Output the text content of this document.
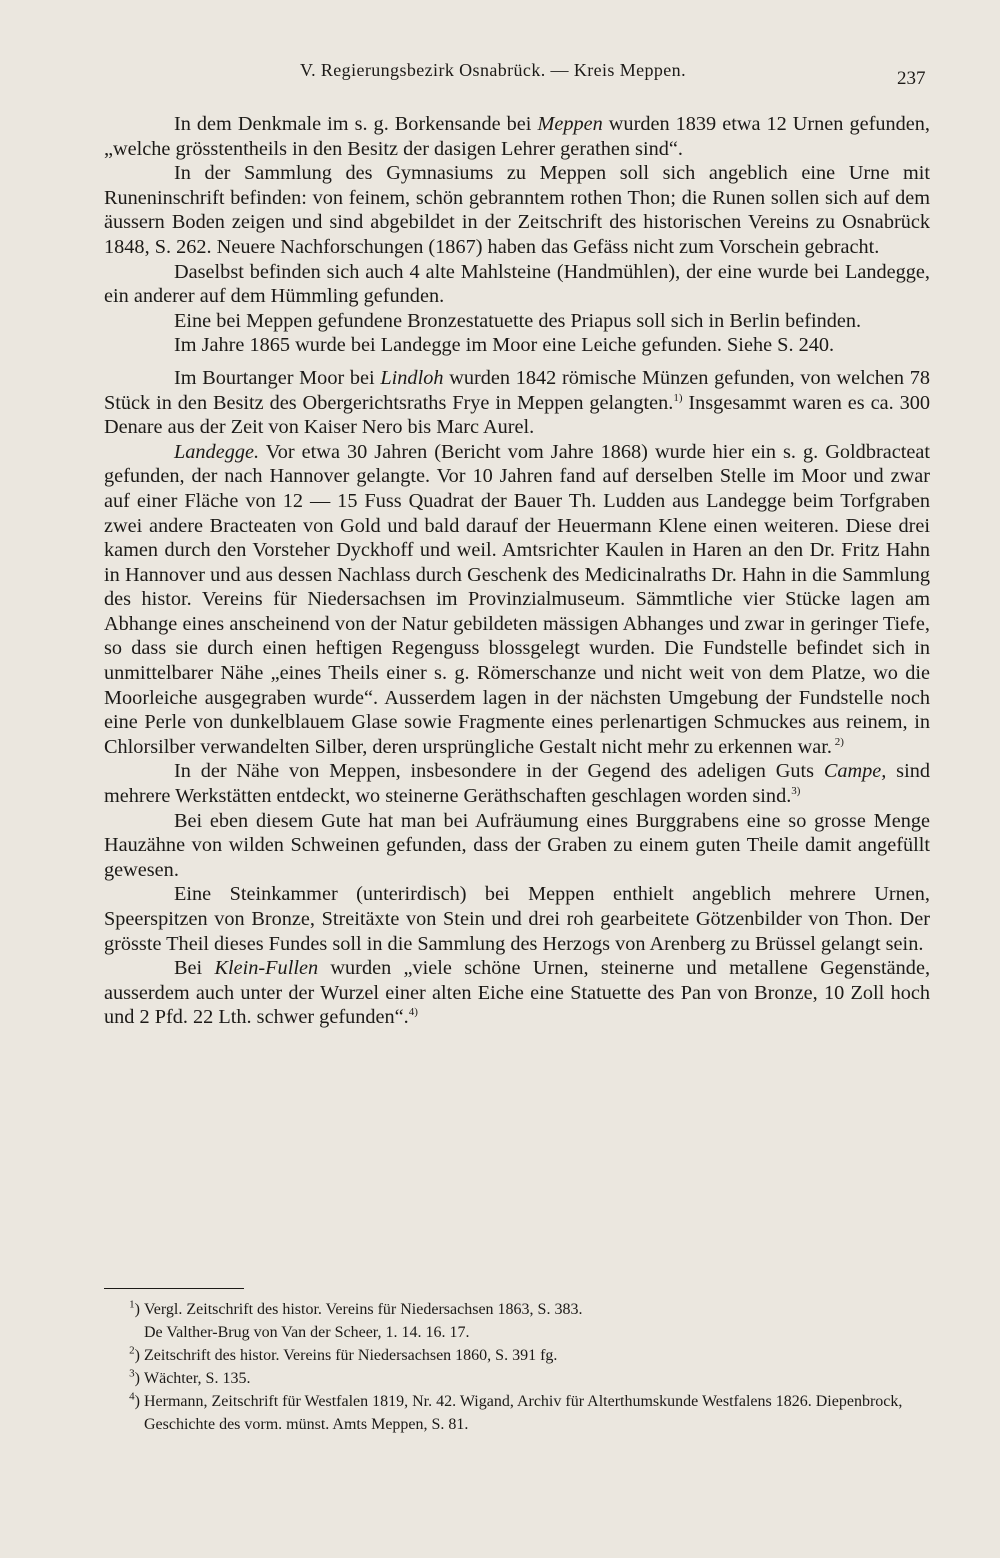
V. Regierungsbezirk Osnabrück. — Kreis Meppen.	237

In dem Denkmale im s. g. Borkensande bei Meppen wurden 1839 etwa 12 Urnen gefunden, „welche grösstentheils in den Besitz der dasigen Lehrer gerathen sind“.

In der Sammlung des Gymnasiums zu Meppen soll sich angeblich eine Urne mit Runeninschrift befinden: von feinem, schön gebranntem rothen Thon; die Runen sollen sich auf dem äussern Boden zeigen und sind abgebildet in der Zeitschrift des historischen Vereins zu Osnabrück 1848, S. 262. Neuere Nachforschungen (1867) haben das Gefäss nicht zum Vorschein gebracht.

Daselbst befinden sich auch 4 alte Mahlsteine (Handmühlen), der eine wurde bei Landegge, ein anderer auf dem Hümmling gefunden.

Eine bei Meppen gefundene Bronzestatuette des Priapus soll sich in Berlin befinden.

Im Jahre 1865 wurde bei Landegge im Moor eine Leiche gefunden. Siehe S. 240.

Im Bourtanger Moor bei Lindloh wurden 1842 römische Münzen gefunden, von welchen 78 Stück in den Besitz des Obergerichtsraths Frye in Meppen gelangten.$^{1)}$ Insgesammt waren es ca. 300 Denare aus der Zeit von Kaiser Nero bis Marc Aurel.

Landegge. Vor etwa 30 Jahren (Bericht vom Jahre 1868) wurde hier ein s. g. Goldbracteat gefunden, der nach Hannover gelangte. Vor 10 Jahren fand auf derselben Stelle im Moor und zwar auf einer Fläche von 12 — 15 Fuss Quadrat der Bauer Th. Ludden aus Landegge beim Torfgraben zwei andere Bracteaten von Gold und bald darauf der Heuermann Klene einen weiteren. Diese drei kamen durch den Vorsteher Dyckhoff und weil. Amtsrichter Kaulen in Haren an den Dr. Fritz Hahn in Hannover und aus dessen Nachlass durch Geschenk des Medicinalraths Dr. Hahn in die Sammlung des histor. Vereins für Niedersachsen im Provinzialmuseum. Sämmtliche vier Stücke lagen am Abhange eines anscheinend von der Natur gebildeten mässigen Abhanges und zwar in geringer Tiefe, so dass sie durch einen heftigen Regenguss blossgelegt wurden. Die Fundstelle befindet sich in unmittelbarer Nähe „eines Theils einer s. g. Römerschanze und nicht weit von dem Platze, wo die Moorleiche ausgegraben wurde“. Ausserdem lagen in der nächsten Umgebung der Fundstelle noch eine Perle von dunkelblauem Glase sowie Fragmente eines perlenartigen Schmuckes aus reinem, in Chlorsilber verwandelten Silber, deren ursprüngliche Gestalt nicht mehr zu erkennen war. $^{2)}$

In der Nähe von Meppen, insbesondere in der Gegend des adeligen Guts Campe, sind mehrere Werkstätten entdeckt, wo steinerne Geräthschaften geschlagen worden sind.$^{3)}$

Bei eben diesem Gute hat man bei Aufräumung eines Burggrabens eine so grosse Menge Hauzähne von wilden Schweinen gefunden, dass der Graben zu einem guten Theile damit angefüllt gewesen.

Eine Steinkammer (unterirdisch) bei Meppen enthielt angeblich mehrere Urnen, Speerspitzen von Bronze, Streitäxte von Stein und drei roh gearbeitete Götzenbilder von Thon. Der grösste Theil dieses Fundes soll in die Sammlung des Herzogs von Arenberg zu Brüssel gelangt sein.

Bei Klein-Fullen wurden „viele schöne Urnen, steinerne und metallene Gegenstände, ausserdem auch unter der Wurzel einer alten Eiche eine Statuette des Pan von Bronze, 10 Zoll hoch und 2 Pfd. 22 Lth. schwer gefunden“.$^{4)}$

$^1$) Vergl. Zeitschrift des histor. Vereins für Niedersachsen 1863, S. 383.

De Valther-Brug von Van der Scheer, 1. 14. 16. 17.

$^2$) Zeitschrift des histor. Vereins für Niedersachsen 1860, S. 391 fg.

$^3$) Wächter, S. 135.

$^4$) Hermann, Zeitschrift für Westfalen 1819, Nr. 42. Wigand, Archiv für Alterthumskunde Westfalens 1826. Diepenbrock, Geschichte des vorm. münst. Amts Meppen, S. 81.
